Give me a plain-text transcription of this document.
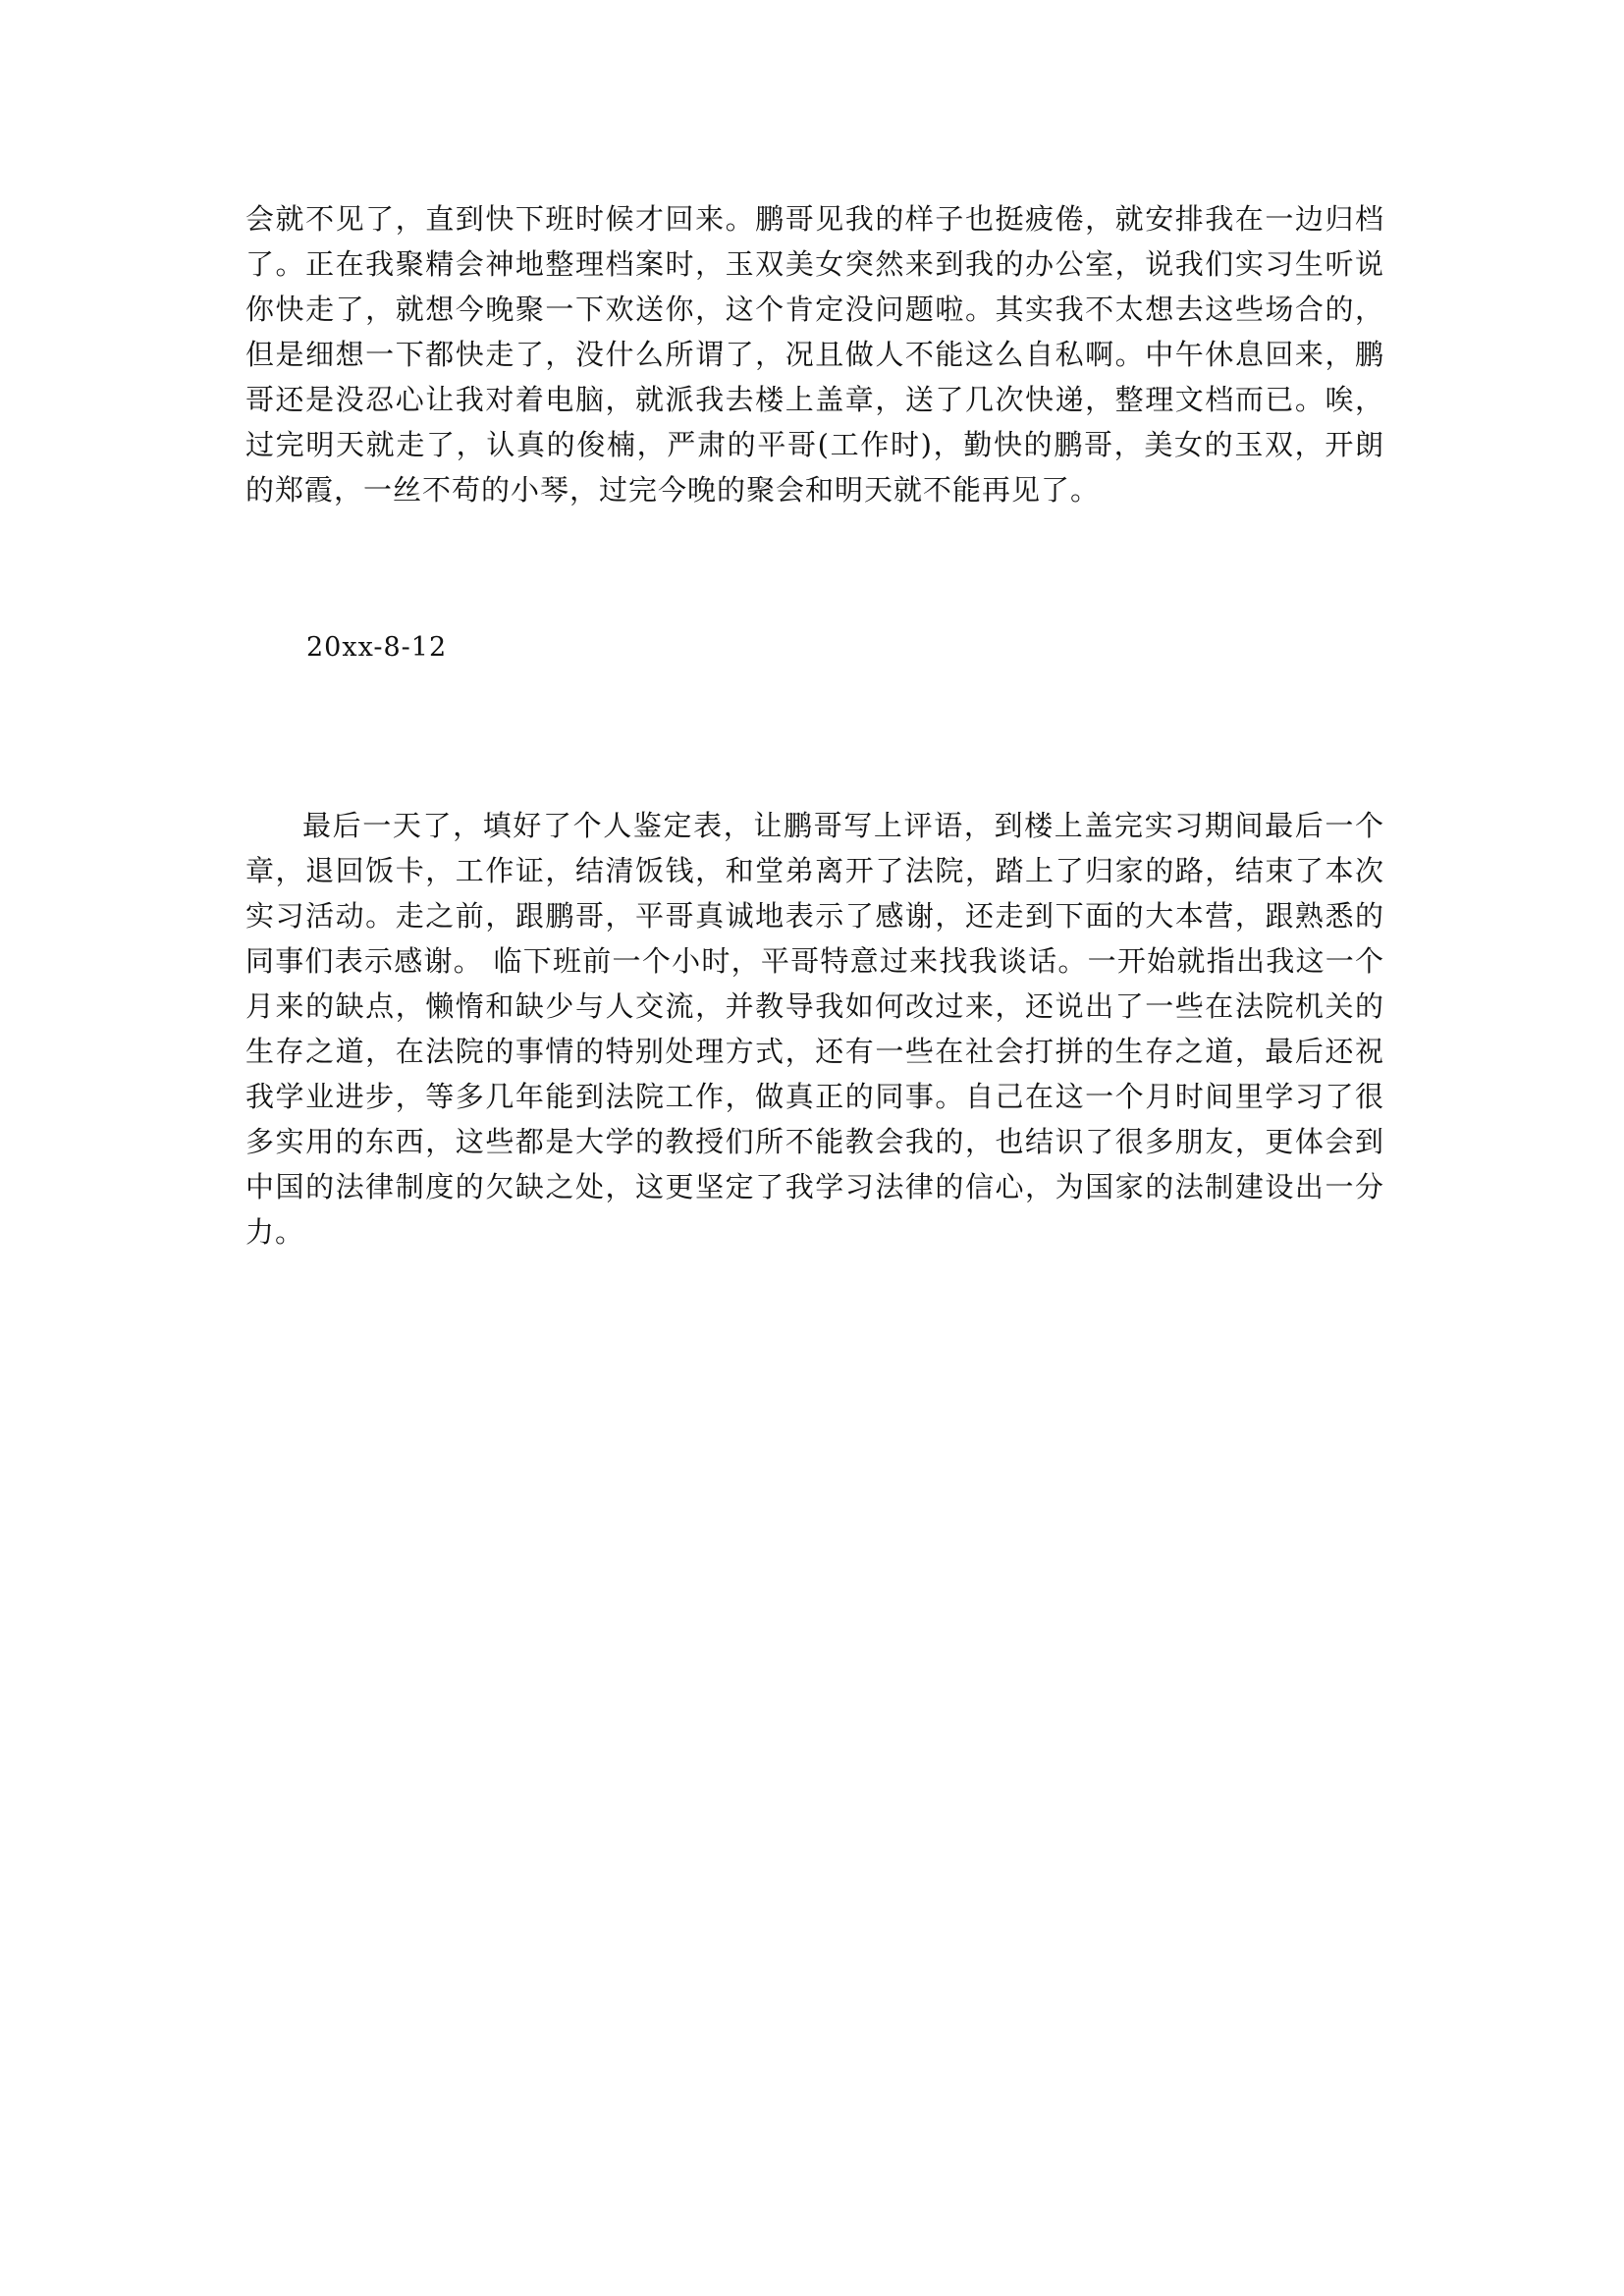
会就不见了，直到快下班时候才回来。鹏哥见我的样子也挺疲倦，就安排我在一边归档了。正在我聚精会神地整理档案时，玉双美女突然来到我的办公室，说我们实习生听说你快走了，就想今晚聚一下欢送你，这个肯定没问题啦。其实我不太想去这些场合的，但是细想一下都快走了，没什么所谓了，况且做人不能这么自私啊。中午休息回来，鹏哥还是没忍心让我对着电脑，就派我去楼上盖章，送了几次快递，整理文档而已。唉，过完明天就走了，认真的俊楠，严肃的平哥(工作时)，勤快的鹏哥，美女的玉双，开朗的郑霞，一丝不苟的小琴，过完今晚的聚会和明天就不能再见了。

20xx-8-12

最后一天了，填好了个人鉴定表，让鹏哥写上评语，到楼上盖完实习期间最后一个章，退回饭卡，工作证，结清饭钱，和堂弟离开了法院，踏上了归家的路，结束了本次实习活动。走之前，跟鹏哥，平哥真诚地表示了感谢，还走到下面的大本营，跟熟悉的同事们表示感谢。 临下班前一个小时，平哥特意过来找我谈话。一开始就指出我这一个月来的缺点，懒惰和缺少与人交流，并教导我如何改过来，还说出了一些在法院机关的生存之道，在法院的事情的特别处理方式，还有一些在社会打拼的生存之道，最后还祝我学业进步，等多几年能到法院工作，做真正的同事。自己在这一个月时间里学习了很多实用的东西，这些都是大学的教授们所不能教会我的，也结识了很多朋友，更体会到中国的法律制度的欠缺之处，这更坚定了我学习法律的信心，为国家的法制建设出一分力。
